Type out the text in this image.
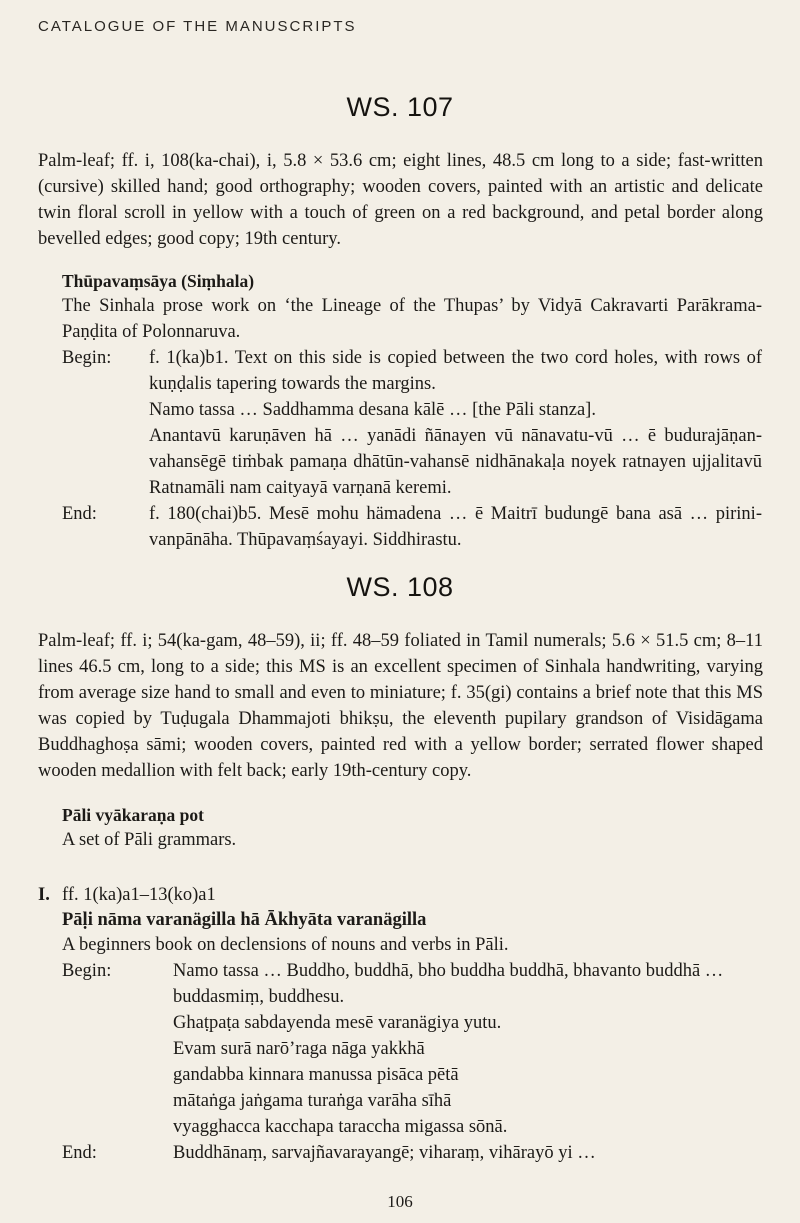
CATALOGUE OF THE MANUSCRIPTS
WS. 107
Palm-leaf; ff. i, 108(ka-chai), i, 5.8 × 53.6 cm; eight lines, 48.5 cm long to a side; fast-written (cursive) skilled hand; good orthography; wooden covers, painted with an artistic and delicate twin floral scroll in yellow with a touch of green on a red background, and petal border along bevelled edges; good copy; 19th century.
Thūpavaṃsāya (Siṃhala)
The Sinhala prose work on ‘the Lineage of the Thupas’ by Vidyā Cakravarti Parākrama-Paṇḍita of Polonnaruva.
Begin:	f. 1(ka)b1. Text on this side is copied between the two cord holes, with rows of kuṇḍalis tapering towards the margins.
Namo tassa … Saddhamma desana kālē … [the Pāli stanza].
Anantavū karuṇāven hā … yanādi ñānayen vū nānavatu-vū … ē budurajāṇan-vahansēgē tiṁbak pamaṇa dhātūn-vahansē nidhānakaḷa noyek ratnayen ujjalitavū Ratnamāli nam caityayā varṇanā keremi.
End:	f. 180(chai)b5. Mesē mohu hämadena … ē Maitrī budungē bana asā … pirini-vanpānāha. Thūpavaṃśayayi. Siddhirastu.
WS. 108
Palm-leaf; ff. i; 54(ka-gam, 48–59), ii; ff. 48–59 foliated in Tamil numerals; 5.6 × 51.5 cm; 8–11 lines 46.5 cm, long to a side; this MS is an excellent specimen of Sinhala handwriting, varying from average size hand to small and even to miniature; f. 35(gi) contains a brief note that this MS was copied by Tuḍugala Dhammajoti bhikṣu, the eleventh pupilary grandson of Visidāgama Buddhaghoṣa sāmi; wooden covers, painted red with a yellow border; serrated flower shaped wooden medallion with felt back; early 19th-century copy.
Pāli vyākaraṇa pot
A set of Pāli grammars.
I. ff. 1(ka)a1–13(ko)a1
Pāḷi nāma varanägilla hā Ākhyāta varanägilla
A beginners book on declensions of nouns and verbs in Pāli.
Begin:	Namo tassa … Buddho, buddhā, bho buddha buddhā, bhavanto buddhā …
buddasmiṃ, buddhesu.
Ghaṭpaṭa sabdayenda mesē varanägiya yutu.
Evam surā narō’raga nāga yakkhā
gandabba kinnara manussa pisāca pētā
mātaṅga jaṅgama turaṅga varāha sīhā
vyagghacca kacchapa taraccha migassa sōnā.
End:	Buddhānaṃ, sarvajñavarayangē; viharaṃ, vihārayō yi …
106
